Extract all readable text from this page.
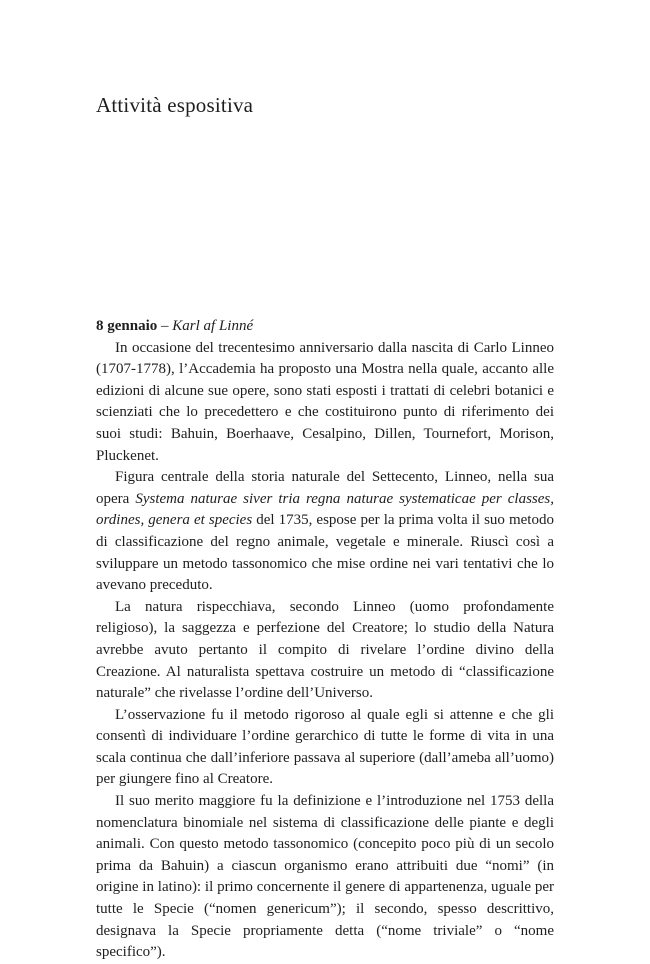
Attività espositiva

8 gennaio – Karl af Linné

In occasione del trecentesimo anniversario dalla nascita di Carlo Linneo (1707-1778), l’Accademia ha proposto una Mostra nella quale, accanto alle edizioni di alcune sue opere, sono stati esposti i trattati di celebri botanici e scienziati che lo precedettero e che costituirono punto di riferimento dei suoi studi: Bahuin, Boerhaave, Cesalpino, Dillen, Tournefort, Morison, Pluckenet.

Figura centrale della storia naturale del Settecento, Linneo, nella sua opera Systema naturae siver tria regna naturae systematicae per classes, ordines, genera et species del 1735, espose per la prima volta il suo metodo di classificazione del regno animale, vegetale e minerale. Riuscì così a sviluppare un metodo tassonomico che mise ordine nei vari tentativi che lo avevano preceduto.

La natura rispecchiava, secondo Linneo (uomo profondamente religioso), la saggezza e perfezione del Creatore; lo studio della Natura avrebbe avuto pertanto il compito di rivelare l’ordine divino della Creazione. Al naturalista spettava costruire un metodo di “classificazione naturale” che rivelasse l’ordine dell’Universo.

L’osservazione fu il metodo rigoroso al quale egli si attenne e che gli consentì di individuare l’ordine gerarchico di tutte le forme di vita in una scala continua che dall’inferiore passava al superiore (dall’ameba all’uomo) per giungere fino al Creatore.

Il suo merito maggiore fu la definizione e l’introduzione nel 1753 della nomenclatura binomiale nel sistema di classificazione delle piante e degli animali. Con questo metodo tassonomico (concepito poco più di un secolo prima da Bahuin) a ciascun organismo erano attribuiti due “nomi” (in origine in latino): il primo concernente il genere di appartenenza, uguale per tutte le Specie (“nomen genericum”); il secondo, spesso descrittivo, designava la Specie propriamente detta (“nome triviale” o “nome specifico”).
